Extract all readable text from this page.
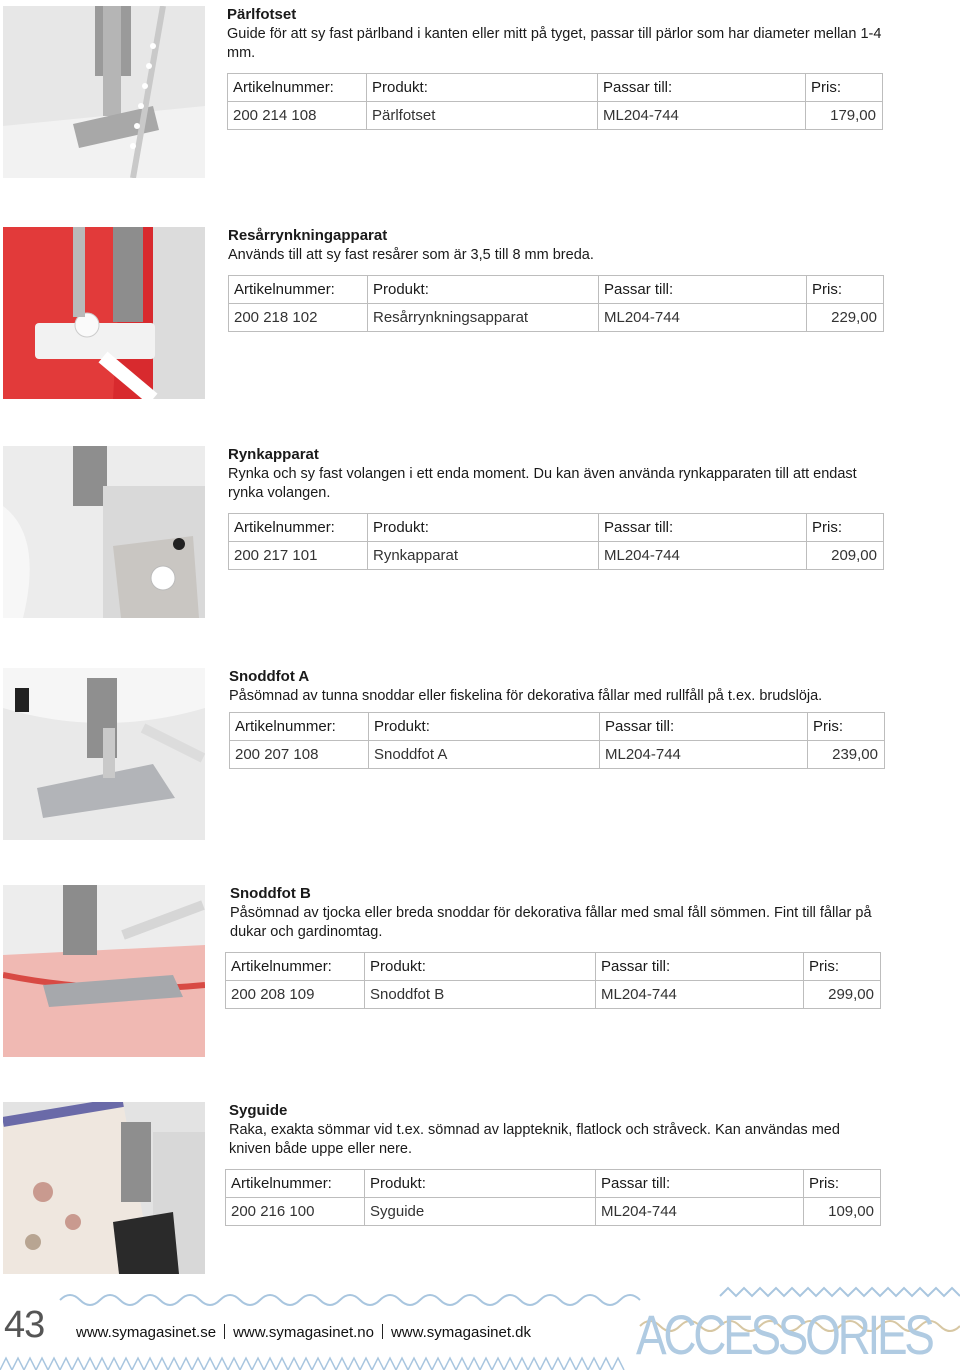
Pärlfotset
Guide för att sy fast pärlband i kanten eller mitt på tyget, passar till pärlor som har diameter mellan 1-4 mm.
Artikelnummer:	Produkt:	Passar till:	Pris:
200 214 108	Pärlfotset	ML204-744	179,00
Resårrynkningapparat
Används till att sy fast resårer som är 3,5 till 8 mm breda.
Artikelnummer:	Produkt:	Passar till:	Pris:
200 218 102	Resårrynkningsapparat	ML204-744	229,00
Rynkapparat
Rynka och sy fast volangen i ett enda moment. Du kan även använda rynkapparaten till att endast rynka volangen.
Artikelnummer:	Produkt:	Passar till:	Pris:
200 217 101	Rynkapparat	ML204-744	209,00
Snoddfot A
Påsömnad av tunna snoddar eller fiskelina för dekorativa fållar med rullfåll på t.ex. brudslöja.
Artikelnummer:	Produkt:	Passar till:	Pris:
200 207 108	Snoddfot A	ML204-744	239,00
Snoddfot B
Påsömnad av tjocka eller breda snoddar för dekorativa fållar med smal fåll sömmen. Fint till fållar på dukar och gardinomtag.
Artikelnummer:	Produkt:	Passar till:	Pris:
200 208 109	Snoddfot B	ML204-744	299,00
Syguide
Raka, exakta sömmar vid t.ex. sömnad av lappteknik, flatlock och stråveck. Kan användas med kniven både uppe eller nere.
Artikelnummer:	Produkt:	Passar till:	Pris:
200 216 100	Syguide	ML204-744	109,00
43 www.symagasinet.se www.symagasinet.no www.symagasinet.dk ACCESSORIES
